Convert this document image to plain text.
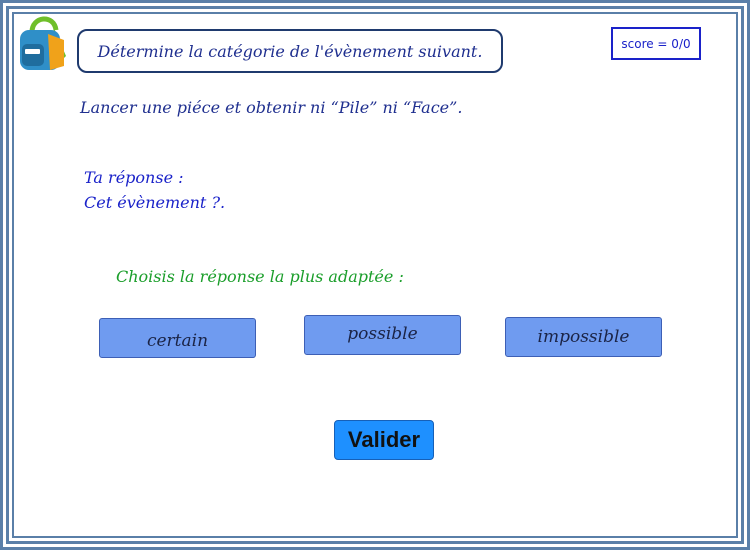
Détermine la catégorie de l'évènement suivant.	score = 0/0
Lancer une piéce et obtenir ni “Pile” ni “Face”.
Ta réponse :
Cet évènement ?.
Choisis la réponse la plus adaptée :
certain	possible	impossible
Valider
